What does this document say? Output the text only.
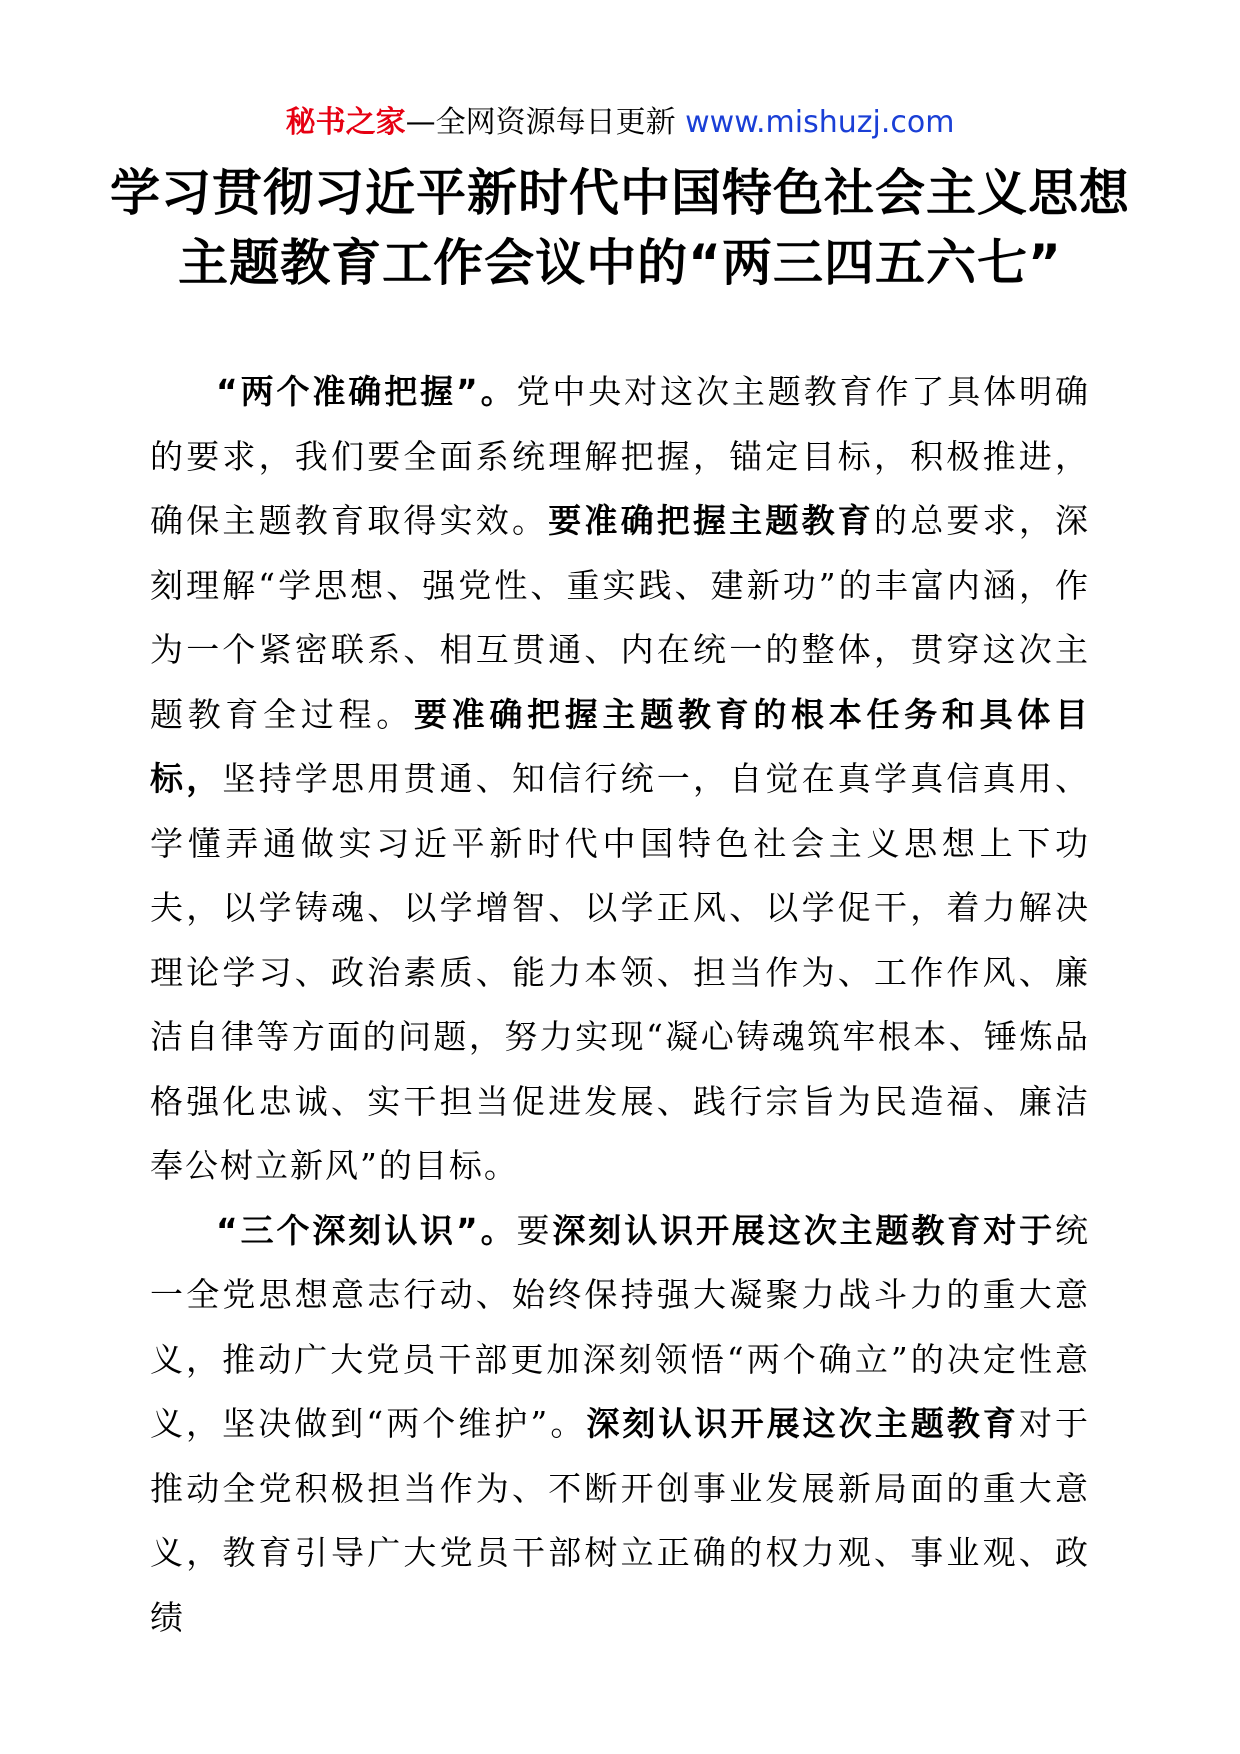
秘书之家—全网资源每日更新 www.mishuzj.com
学习贯彻习近平新时代中国特色社会主义思想
主题教育工作会议中的“两三四五六七”

“两个准确把握”。党中央对这次主题教育作了具体明确的要求，我们要全面系统理解把握，锚定目标，积极推进，确保主题教育取得实效。要准确把握主题教育的总要求，深刻理解“学思想、强党性、重实践、建新功”的丰富内涵，作为一个紧密联系、相互贯通、内在统一的整体，贯穿这次主题教育全过程。要准确把握主题教育的根本任务和具体目标，坚持学思用贯通、知信行统一，自觉在真学真信真用、学懂弄通做实习近平新时代中国特色社会主义思想上下功夫，以学铸魂、以学增智、以学正风、以学促干，着力解决理论学习、政治素质、能力本领、担当作为、工作作风、廉洁自律等方面的问题，努力实现“凝心铸魂筑牢根本、锤炼品格强化忠诚、实干担当促进发展、践行宗旨为民造福、廉洁奉公树立新风”的目标。

“三个深刻认识”。要深刻认识开展这次主题教育对于统一全党思想意志行动、始终保持强大凝聚力战斗力的重大意义，推动广大党员干部更加深刻领悟“两个确立”的决定性意义，坚决做到“两个维护”。深刻认识开展这次主题教育对于推动全党积极担当作为、不断开创事业发展新局面的重大意义，教育引导广大党员干部树立正确的权力观、事业观、政绩
